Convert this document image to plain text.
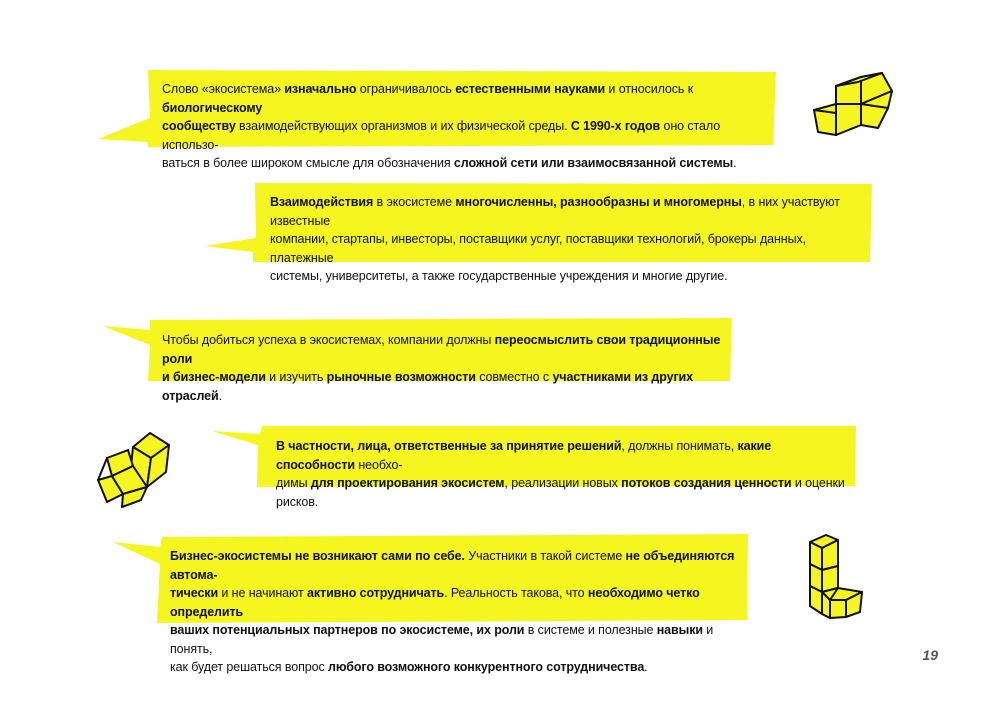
Слово «экосистема» изначально ограничивалось естественными науками и относилось к биологическому
сообществу взаимодействующих организмов и их физической среды. С 1990-х годов оно стало использо-
ваться в более широком смысле для обозначения сложной сети или взаимосвязанной системы.
Взаимодействия в экосистеме многочисленны, разнообразны и многомерны, в них участвуют известные
компании, стартапы, инвесторы, поставщики услуг, поставщики технологий, брокеры данных, платежные
системы, университеты, а также государственные учреждения и многие другие.
Чтобы добиться успеха в экосистемах, компании должны переосмыслить свои традиционные роли
и бизнес-модели и изучить рыночные возможности совместно с участниками из других отраслей.
В частности, лица, ответственные за принятие решений, должны понимать, какие способности необхо-
димы для проектирования экосистем, реализации новых потоков создания ценности и оценки рисков.
Бизнес-экосистемы не возникают сами по себе. Участники в такой системе не объединяются автома-
тически и не начинают активно сотрудничать. Реальность такова, что необходимо четко определить
ваших потенциальных партнеров по экосистеме, их роли в системе и полезные навыки и понять,
как будет решаться вопрос любого возможного конкурентного сотрудничества.
19
